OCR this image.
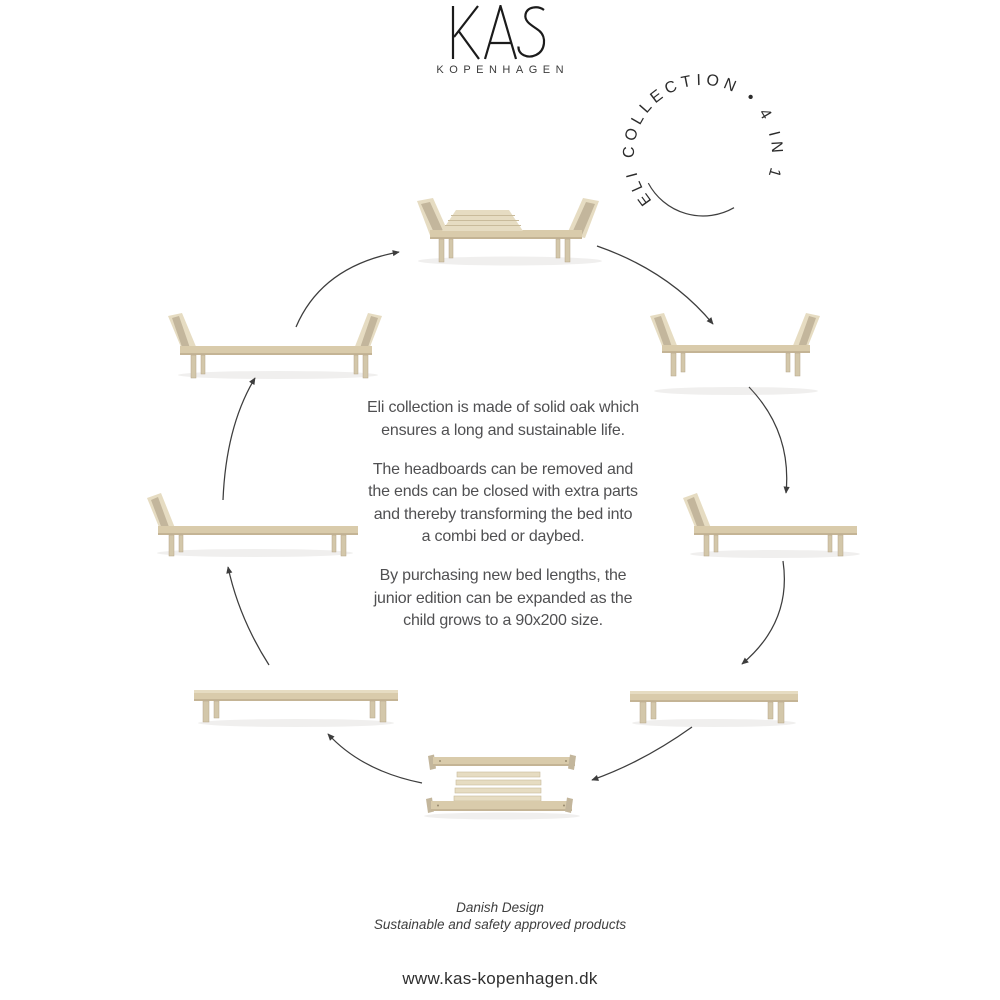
KOPENHAGEN
ELI COLLECTION • 4 IN 1
Eli collection is made of solid oak which
ensures a long and sustainable life.
The headboards can be removed and
the ends can be closed with extra parts
and thereby transforming the bed into
a combi bed or daybed.
By purchasing new bed lengths, the
junior edition can be expanded as the
child grows to a 90x200 size.
Danish Design
Sustainable and safety approved products
www.kas-kopenhagen.dk
